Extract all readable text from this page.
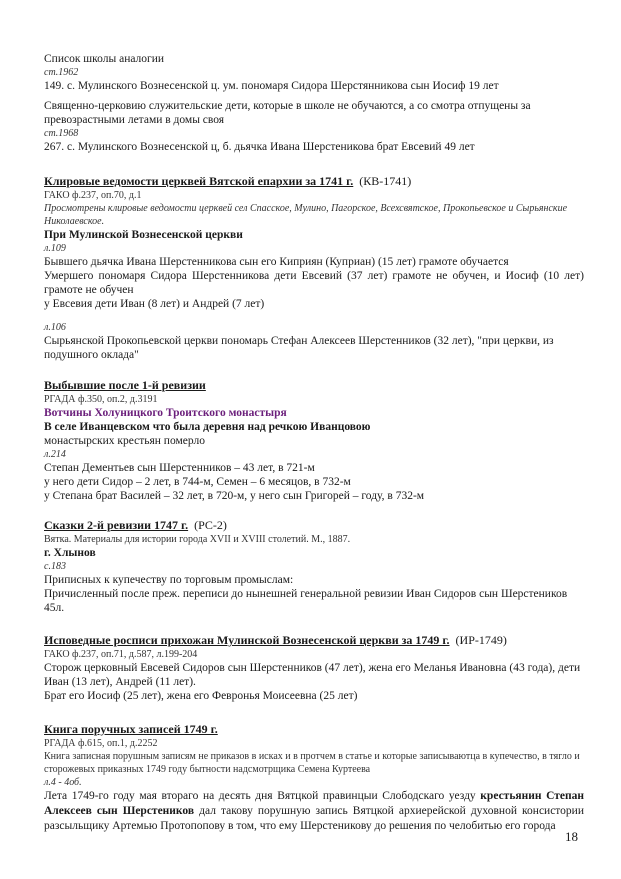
Список школы аналогии

ст.1962

149. с. Мулинского Вознесенской ц. ум. пономаря Сидора Шерстянникова сын Иосиф 19 лет

Священно-церковию служительские дети, которые в школе не обучаются, а со смотра отпущены за превозрастными летами в домы своя

ст.1968

267. с. Мулинского Вознесенской ц, б. дьячка Ивана Шерстеникова брат Евсевий 49 лет

Клировые ведомости церквей Вятской епархии за 1741 г. (КВ-1741)

ГАКО ф.237, оп.70, д.1

Просмотрены клировые ведомости церквей сел Спасское, Мулино, Пагорское, Всехсвятское, Прокопьевское и Сырьянские Николаевское.

При Мулинской Вознесенской церкви

л.109

Бывшего дьячка Ивана Шерстенникова сын его Киприян (Куприан) (15 лет) грамоте обучается

Умершего пономаря Сидора Шерстенникова дети Евсевий (37 лет) грамоте не обучен, и Иосиф (10 лет) грамоте не обучен

у Евсевия дети Иван (8 лет) и Андрей (7 лет)

л.106

Сырьянской Прокопьевской церкви пономарь Стефан Алексеев Шерстенников (32 лет), "при церкви, из подушного оклада"

Выбывшие после 1-й ревизии

РГАДА ф.350, оп.2, д.3191

Вотчины Холуницкого Троитского монастыря

В селе Иванцевском что была деревня над речкою Иванцовою

монастырских крестьян померло

л.214

Степан Дементьев сын Шерстенников – 43 лет, в 721-м

у него дети Сидор – 2 лет, в 744-м, Семен – 6 месяцов, в 732-м

у Степана брат Василей – 32 лет, в 720-м, у него сын Григорей – году, в 732-м

Сказки 2-й ревизии 1747 г. (РС-2)

Вятка. Материалы для истории города XVII и XVIII столетий. М., 1887.

г. Хлынов

с.183

Приписных к купечеству по торговым промыслам:

Причисленный после преж. переписи до нынешней генеральной ревизии Иван Сидоров сын Шерстеников 45л.

Исповедные росписи прихожан Мулинской Вознесенской церкви за 1749 г. (ИР-1749)

ГАКО ф.237, оп.71, д.587, л.199-204

Сторож церковный Евсевей Сидоров сын Шерстенников (47 лет), жена его Меланья Ивановна (43 года), дети Иван (13 лет), Андрей (11 лет).

Брат его Иосиф (25 лет), жена его Февронья Моисеевна (25 лет)

Книга поручных записей 1749 г.

РГАДА ф.615, оп.1, д.2252

Книга записная порушным записям не приказов в исках и в протчем в статье и которые записываютца в купечество, в тягло и сторожевых приказных 1749 году бытности надсмотрщика Семена Куртеева

л.4 - 4об.

Лета 1749-го году мая втораго на десять дня Вятцкой правинцыи Слободскаго уезду крестьянин Степан Алексеев сын Шерстеников дал такову порушную запись Вятцкой архиерейской духовной консистории разсыльщику Артемью Протопопову в том, что ему Шерстеникову до решения по челобитью его города

18
